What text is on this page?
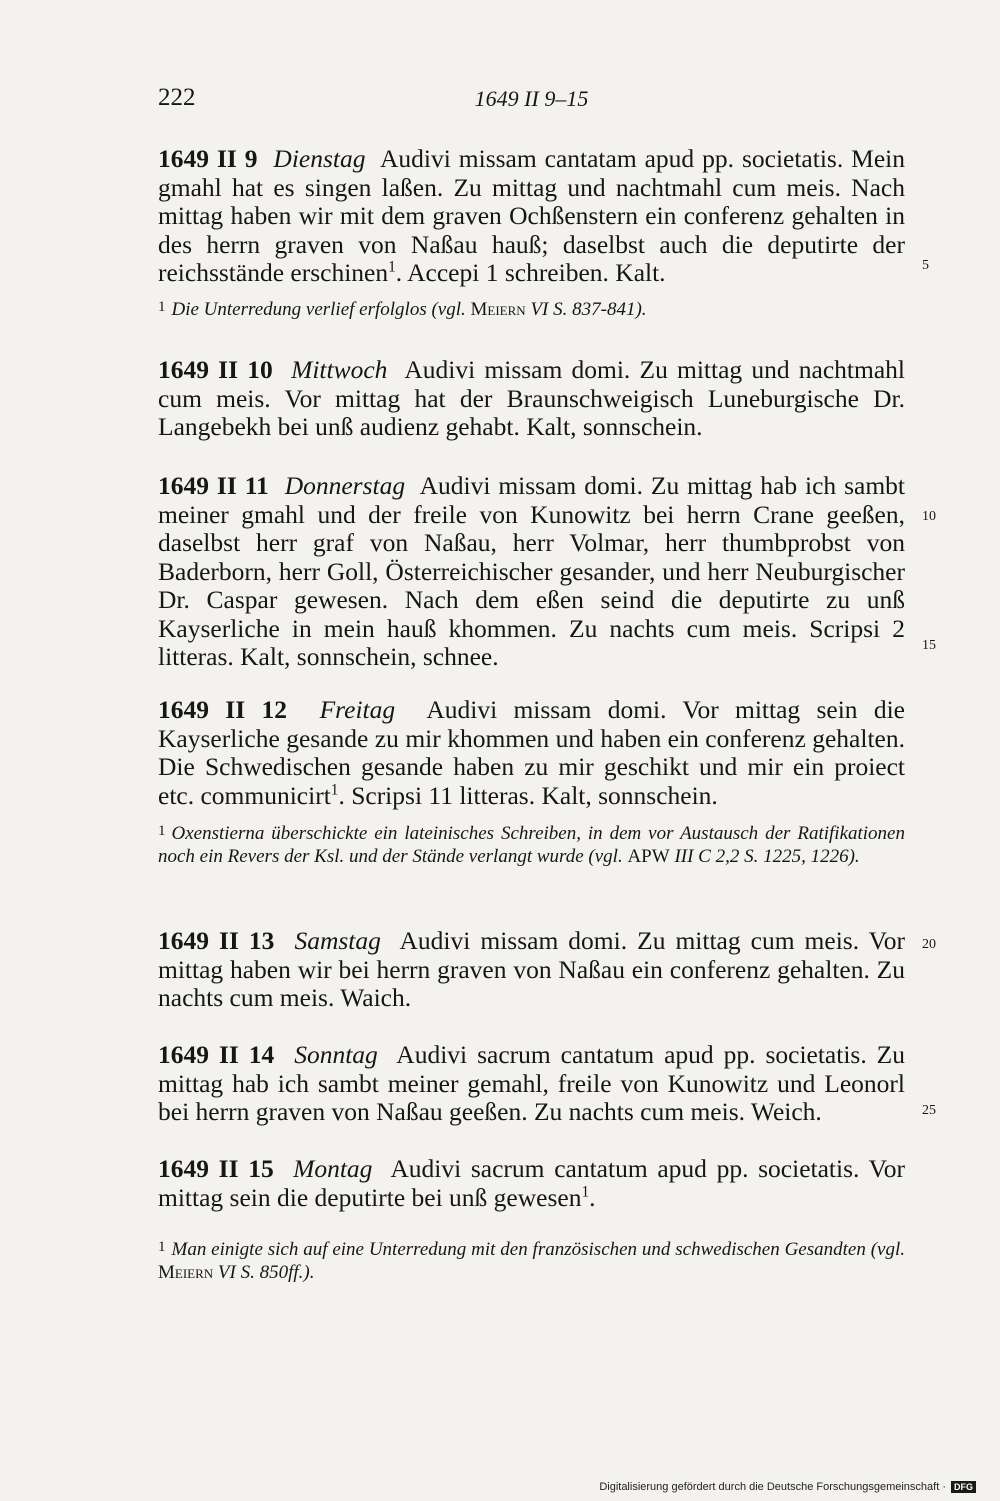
222	1649 II 9–15
1649 II 9 Dienstag Audivi missam cantatam apud pp. societatis. Mein gmahl hat es singen laßen. Zu mittag und nachtmahl cum meis. Nach mittag haben wir mit dem graven Ochßenstern ein conferenz gehalten in des herrn graven von Naßau hauß; daselbst auch die deputirte der reichsstände erschinen$^1$. Accepi 1 schreiben. Kalt.
$^1$ Die Unterredung verlief erfolglos (vgl. Meiern VI S. 837-841).
1649 II 10 Mittwoch Audivi missam domi. Zu mittag und nachtmahl cum meis. Vor mittag hat der Braunschweigisch Luneburgische Dr. Langebekh bei unß audienz gehabt. Kalt, sonnschein.
1649 II 11 Donnerstag Audivi missam domi. Zu mittag hab ich sambt meiner gmahl und der freile von Kunowitz bei herrn Crane geeßen, daselbst herr graf von Naßau, herr Volmar, herr thumbprobst von Baderborn, herr Goll, Österreichischer gesander, und herr Neuburgischer Dr. Caspar gewesen. Nach dem eßen seind die deputirte zu unß Kayserliche in mein hauß khommen. Zu nachts cum meis. Scripsi 2 litteras. Kalt, sonnschein, schnee.
1649 II 12 Freitag Audivi missam domi. Vor mittag sein die Kayserliche gesande zu mir khommen und haben ein conferenz gehalten. Die Schwedischen gesande haben zu mir geschikt und mir ein proiect etc. communicirt$^1$. Scripsi 11 litteras. Kalt, sonnschein.
$^1$ Oxenstierna überschickte ein lateinisches Schreiben, in dem vor Austausch der Ratifikationen noch ein Revers der Ksl. und der Stände verlangt wurde (vgl. APW III C 2,2 S. 1225, 1226).
1649 II 13 Samstag Audivi missam domi. Zu mittag cum meis. Vor mittag haben wir bei herrn graven von Naßau ein conferenz gehalten. Zu nachts cum meis. Waich.
1649 II 14 Sonntag Audivi sacrum cantatum apud pp. societatis. Zu mittag hab ich sambt meiner gemahl, freile von Kunowitz und Leonorl bei herrn graven von Naßau geeßen. Zu nachts cum meis. Weich.
1649 II 15 Montag Audivi sacrum cantatum apud pp. societatis. Vor mittag sein die deputirte bei unß gewesen$^1$.
$^1$ Man einigte sich auf eine Unterredung mit den französischen und schwedischen Gesandten (vgl. Meiern VI S. 850ff.).
5
10
15
20
25
Digitalisierung gefördert durch die Deutsche Forschungsgemeinschaft · DFG
